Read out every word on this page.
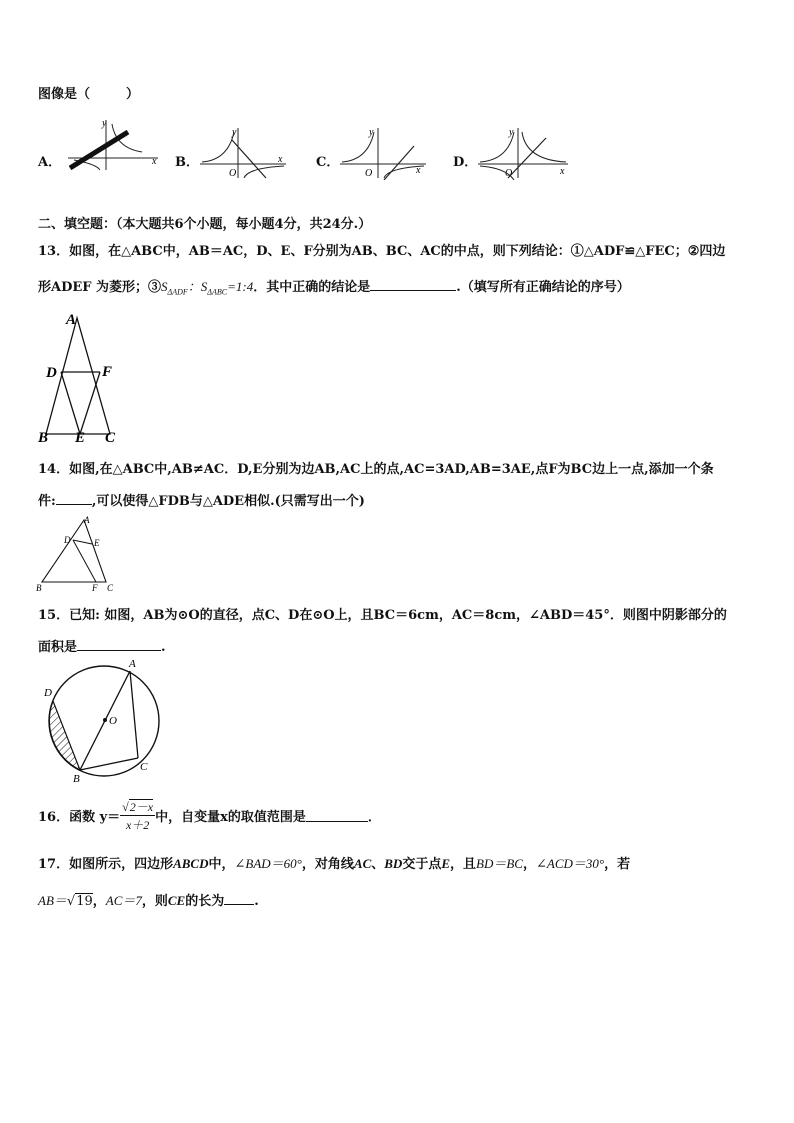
图像是（	）
A．	x
y
B．	x
y
O
C．
x
y
O
D．
x
y
O
二、填空题：（本大题共6个小题，每小题4分，共24分.）
13．如图，在△ABC中，AB＝AC，D、E、F分别为AB、BC、AC的中点，则下列结论：①△ADF≌△FEC；②四边
形ADEF 为菱形；$③S_{\Delta ADF}$：$S_{\Delta ABC}=1:4$．其中正确的结论是	.（填写所有正确结论的序号）
A
D	F
B E C
14．如图,在△ABC中,AB≠AC．D,E分别为边AB,AC上的点,AC=3AD,AB=3AE,点F为BC边上一点,添加一个条
件:	,可以使得△FDB与△ADE相似.(只需写出一个)
A
D	E
B	F C
15．已知: 如图，AB为⊙O的直径，点C、D在⊙O上，且BC＝6cm，AC＝8cm，∠ABD＝45°．则图中阴影部分的
面积是	.
A
D
O
B
C
16．函数 $y= \frac{√2-x}{x+2}$ 中，自变量x的取值范围是	．
17．如图所示，四边形ABCD中，∠BAD＝60°，对角线AC、BD交于点E，且BD＝BC，∠ACD＝30°，若
AB＝√19，AC＝7，则CE的长为 .
